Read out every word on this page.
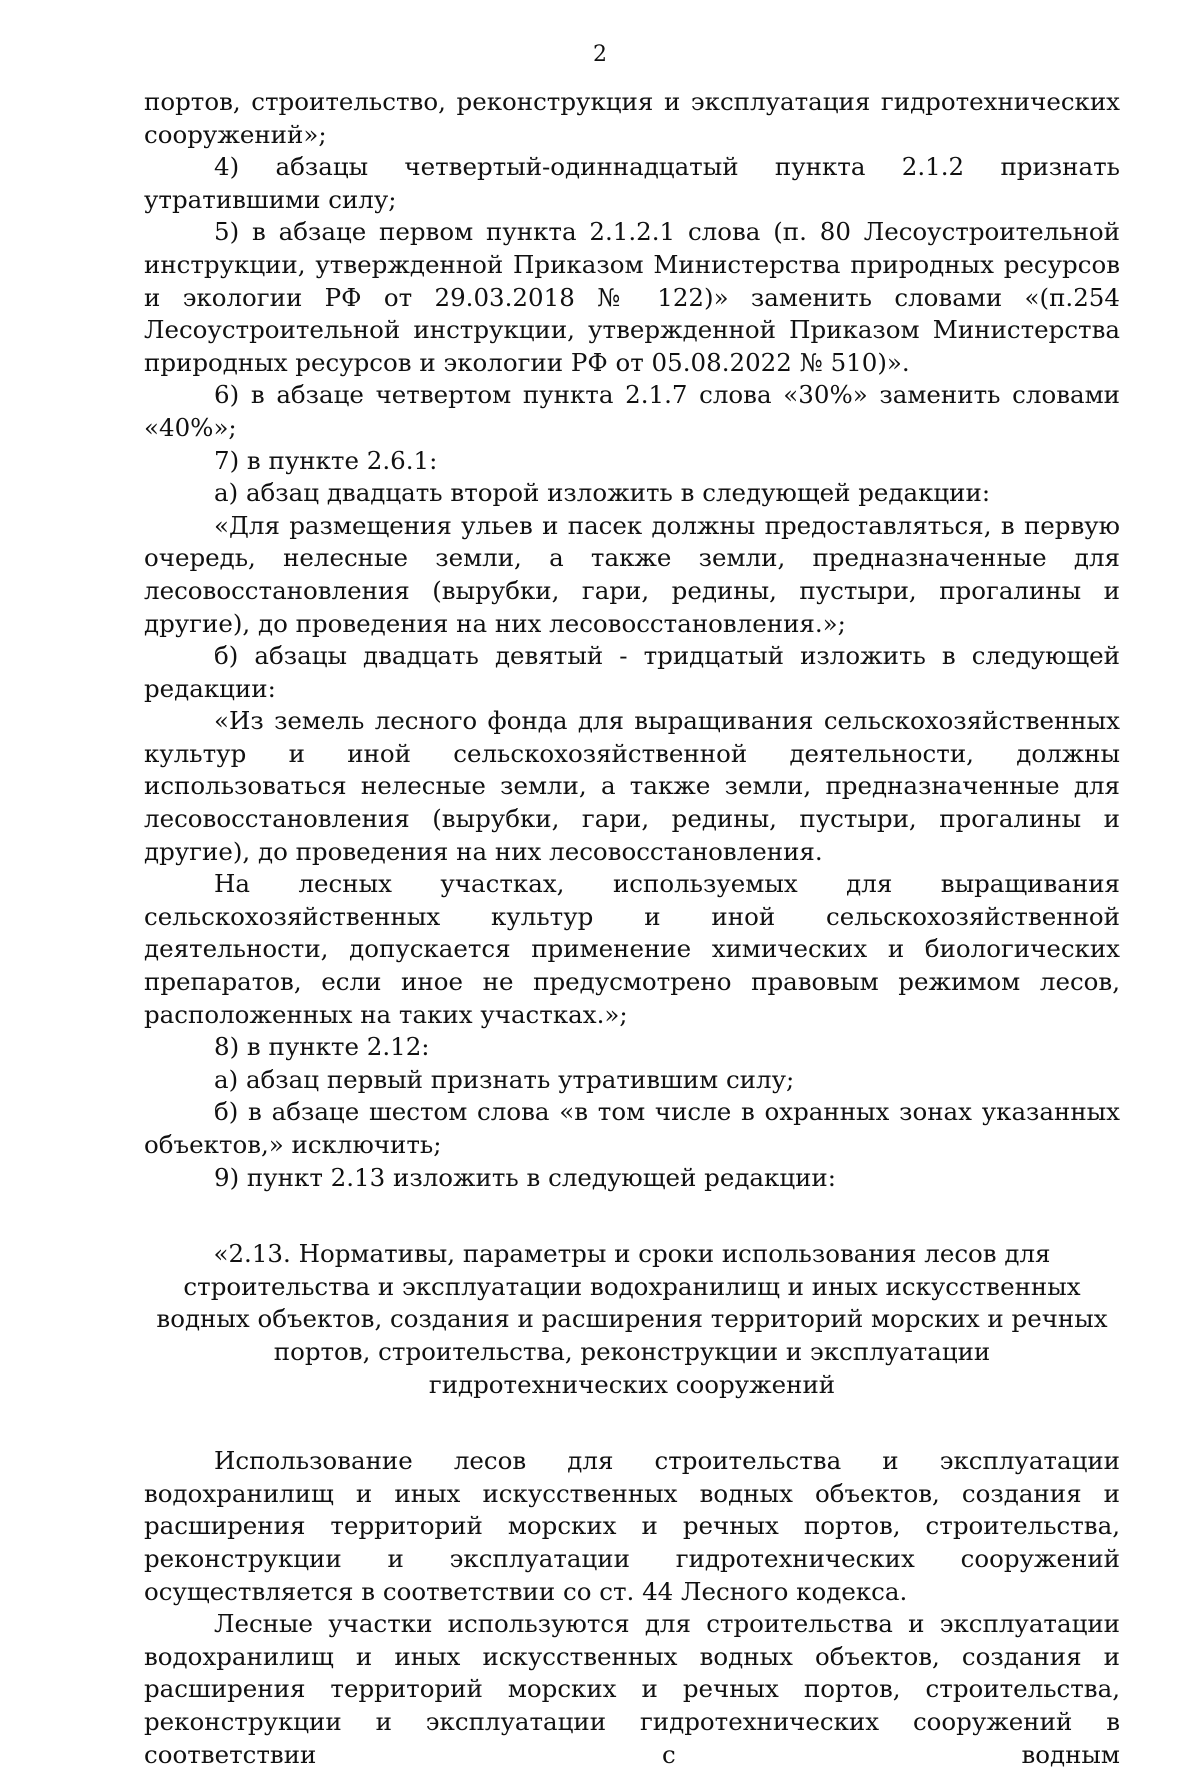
2

портов, строительство, реконструкция и эксплуатация гидротехнических сооружений»;

4) абзацы четвертый-одиннадцатый пункта 2.1.2 признать утратившими силу;

5) в абзаце первом пункта 2.1.2.1 слова (п. 80 Лесоустроительной инструкции, утвержденной Приказом Министерства природных ресурсов и экологии РФ от 29.03.2018 № 122)» заменить словами «(п.254 Лесоустроительной инструкции, утвержденной Приказом Министерства природных ресурсов и экологии РФ от 05.08.2022 № 510)».

6) в абзаце четвертом пункта 2.1.7 слова «30%» заменить словами «40%»;

7) в пункте 2.6.1:

а) абзац двадцать второй изложить в следующей редакции:

«Для размещения ульев и пасек должны предоставляться, в первую очередь, нелесные земли, а также земли, предназначенные для лесовосстановления (вырубки, гари, редины, пустыри, прогалины и другие), до проведения на них лесовосстановления.»;

б) абзацы двадцать девятый - тридцатый изложить в следующей редакции:

«Из земель лесного фонда для выращивания сельскохозяйственных культур и иной сельскохозяйственной деятельности, должны использоваться нелесные земли, а также земли, предназначенные для лесовосстановления (вырубки, гари, редины, пустыри, прогалины и другие), до проведения на них лесовосстановления.

На лесных участках, используемых для выращивания сельскохозяйственных культур и иной сельскохозяйственной деятельности, допускается применение химических и биологических препаратов, если иное не предусмотрено правовым режимом лесов, расположенных на таких участках.»;

8) в пункте 2.12:

а) абзац первый признать утратившим силу;

б) в абзаце шестом слова «в том числе в охранных зонах указанных объектов,» исключить;

9) пункт 2.13 изложить в следующей редакции:

«2.13. Нормативы, параметры и сроки использования лесов для строительства и эксплуатации водохранилищ и иных искусственных водных объектов, создания и расширения территорий морских и речных портов, строительства, реконструкции и эксплуатации гидротехнических сооружений

Использование лесов для строительства и эксплуатации водохранилищ и иных искусственных водных объектов, создания и расширения территорий морских и речных портов, строительства, реконструкции и эксплуатации гидротехнических сооружений осуществляется в соответствии со ст. 44 Лесного кодекса.

Лесные участки используются для строительства и эксплуатации водохранилищ и иных искусственных водных объектов, создания и расширения территорий морских и речных портов, строительства, реконструкции и эксплуатации гидротехнических сооружений в соответствии с водным
